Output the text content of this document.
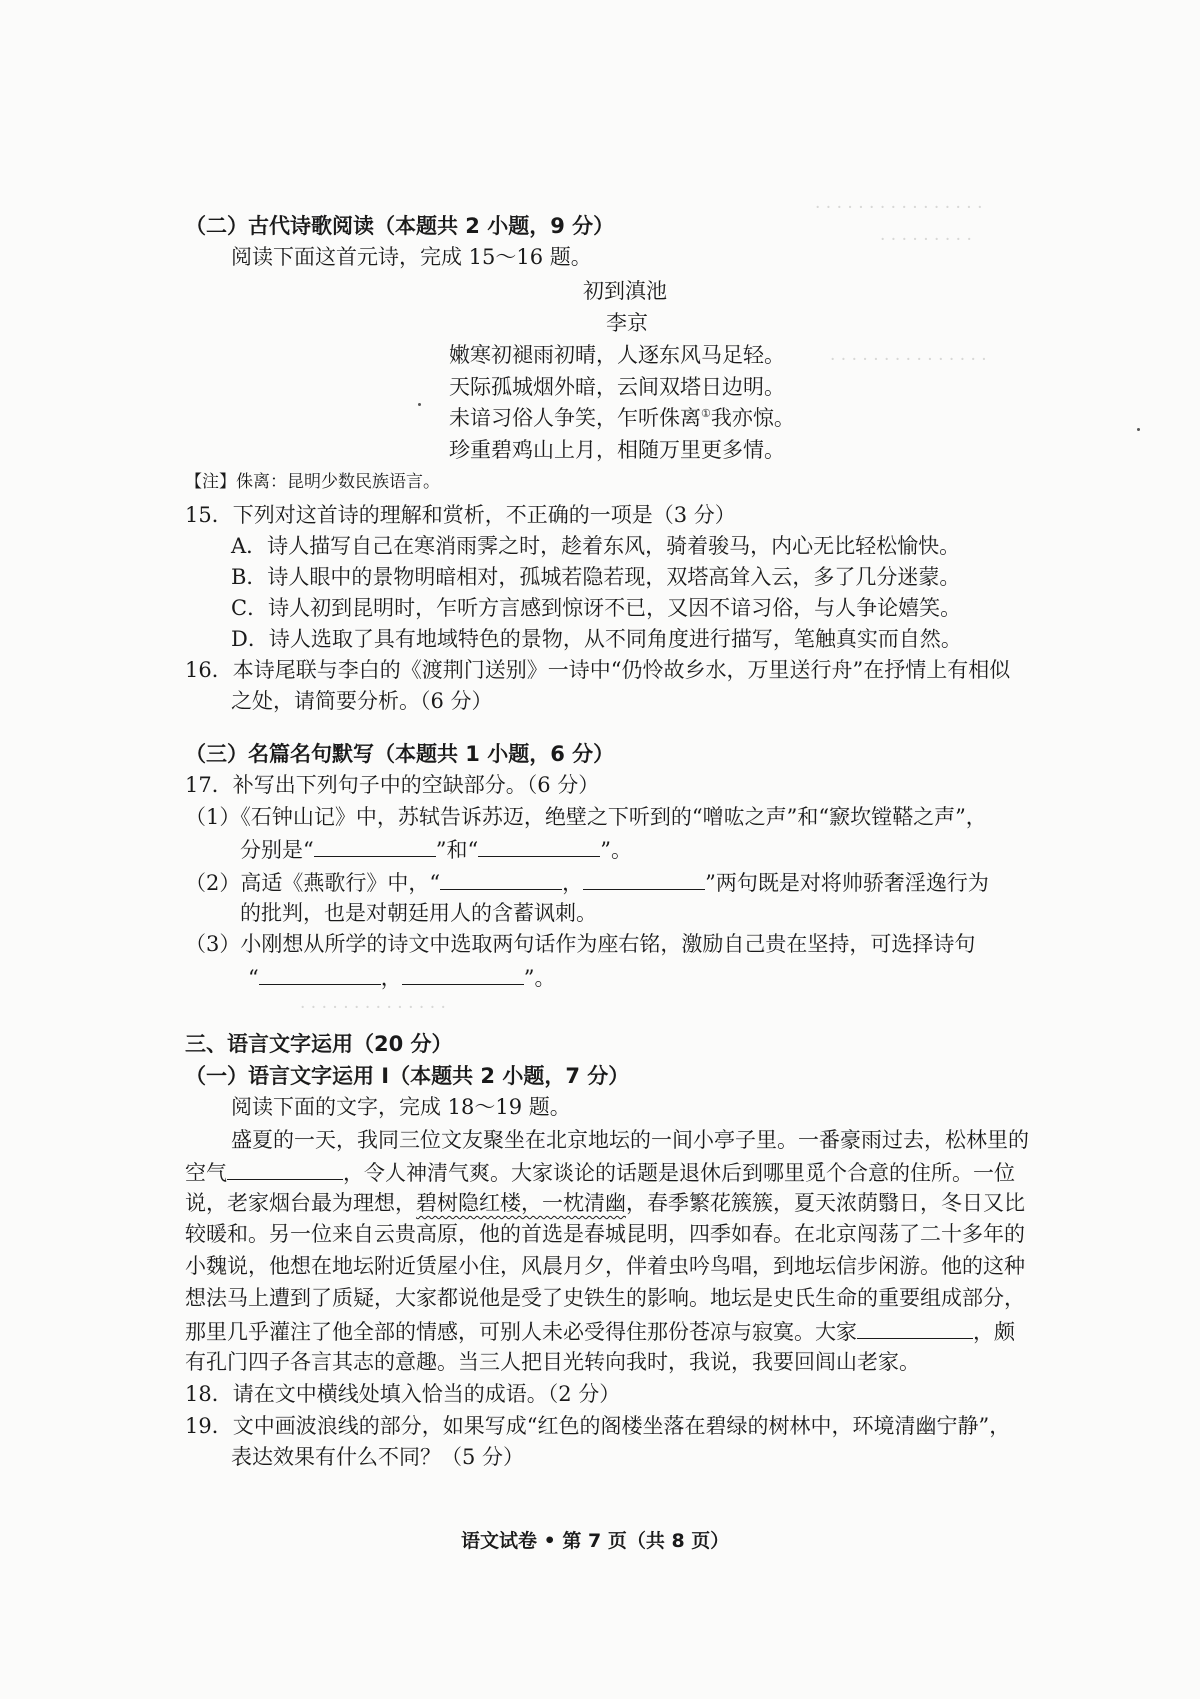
· · · · · · · · · · · · · · · ·
· · · · · · · · ·
· · · · · · · · · · · · · · ·
· · · · · · · · · · · · · ·
（二）古代诗歌阅读（本题共 2 小题，9 分）
阅读下面这首元诗，完成 15～16 题。
初到滇池
李京
嫩寒初褪雨初晴，人逐东风马足轻。
天际孤城烟外暗，云间双塔日边明。
未谙习俗人争笑，乍听侏离①我亦惊。
珍重碧鸡山上月，相随万里更多情。
【注】侏离：昆明少数民族语言。
15．下列对这首诗的理解和赏析，不正确的一项是（3 分）
A．诗人描写自己在寒消雨霁之时，趁着东风，骑着骏马，内心无比轻松愉快。
B．诗人眼中的景物明暗相对，孤城若隐若现，双塔高耸入云，多了几分迷蒙。
C．诗人初到昆明时，乍听方言感到惊讶不已，又因不谙习俗，与人争论嬉笑。
D．诗人选取了具有地域特色的景物，从不同角度进行描写，笔触真实而自然。
16．本诗尾联与李白的《渡荆门送别》一诗中“仍怜故乡水，万里送行舟”在抒情上有相似
之处，请简要分析。（6 分）
（三）名篇名句默写（本题共 1 小题，6 分）
17．补写出下列句子中的空缺部分。（6 分）
（1）《石钟山记》中，苏轼告诉苏迈，绝壁之下听到的“噌吰之声”和“窾坎镗鞳之声”，
分别是“	”和“	”。
（2）高适《燕歌行》中，“	，	”两句既是对将帅骄奢淫逸行为
的批判，也是对朝廷用人的含蓄讽刺。
（3）小刚想从所学的诗文中选取两句话作为座右铭，激励自己贵在坚持，可选择诗句
“	，	”。
三、语言文字运用（20 分）
（一）语言文字运用 Ⅰ（本题共 2 小题，7 分）
阅读下面的文字，完成 18～19 题。
盛夏的一天，我同三位文友聚坐在北京地坛的一间小亭子里。一番豪雨过去，松林里的
空气	，令人神清气爽。大家谈论的话题是退休后到哪里觅个合意的住所。一位
说，老家烟台最为理想，碧树隐红楼，一枕清幽，春季繁花簇簇，夏天浓荫翳日，冬日又比
较暖和。另一位来自云贵高原，他的首选是春城昆明，四季如春。在北京闯荡了二十多年的
小魏说，他想在地坛附近赁屋小住，风晨月夕，伴着虫吟鸟唱，到地坛信步闲游。他的这种
想法马上遭到了质疑，大家都说他是受了史铁生的影响。地坛是史氏生命的重要组成部分，
那里几乎灌注了他全部的情感，可别人未必受得住那份苍凉与寂寞。大家	，颇
有孔门四子各言其志的意趣。当三人把目光转向我时，我说，我要回闾山老家。
18．请在文中横线处填入恰当的成语。（2 分）
19．文中画波浪线的部分，如果写成“红色的阁楼坐落在碧绿的树林中，环境清幽宁静”，
表达效果有什么不同？（5 分）
语文试卷 • 第 7 页（共 8 页）
